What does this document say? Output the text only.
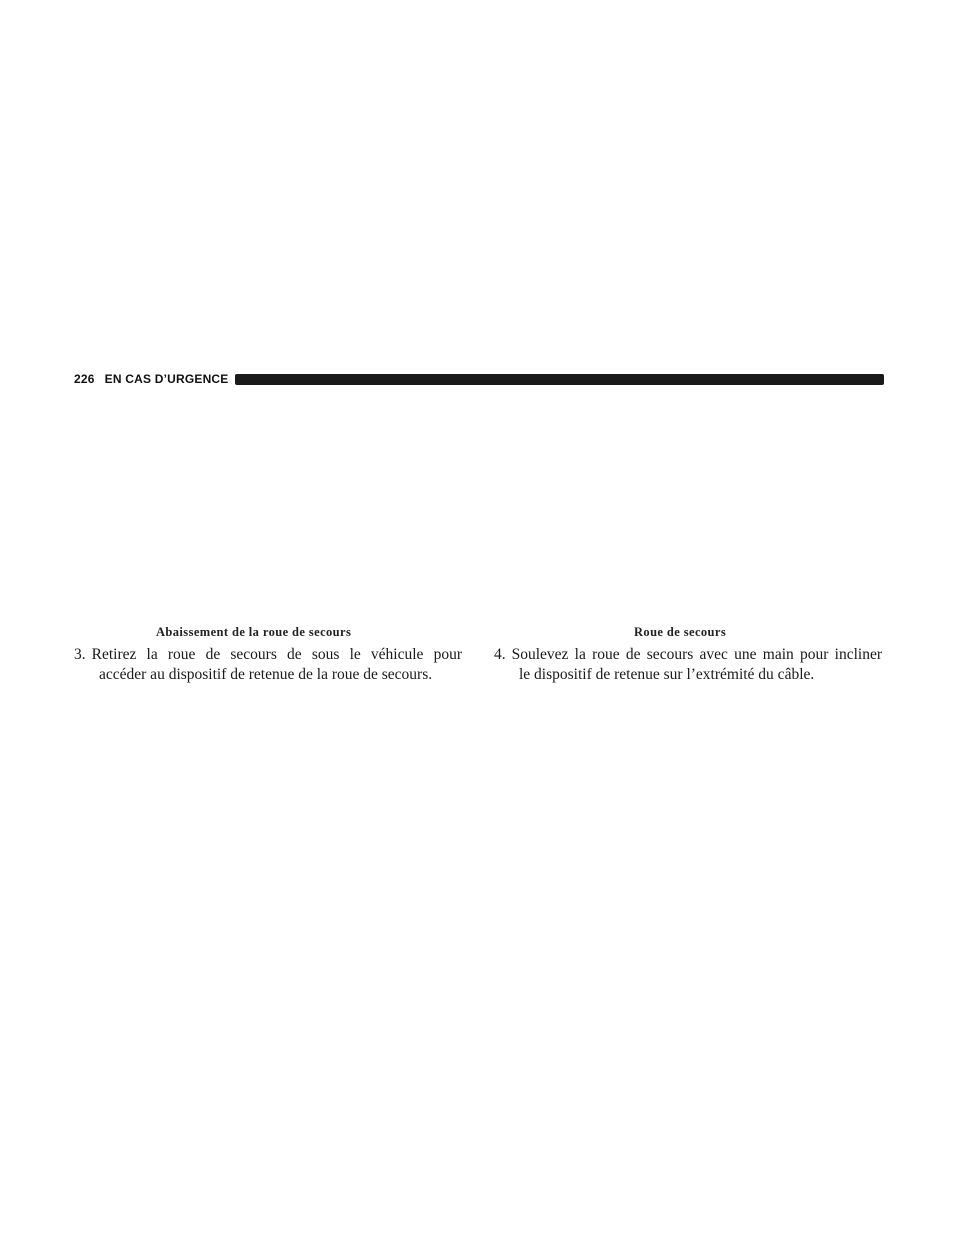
226 EN CAS D’URGENCE
Abaissement de la roue de secours	Roue de secours
3. Retirez la roue de secours de sous le véhicule pour
accéder au dispositif de retenue de la roue de secours.
4. Soulevez la roue de secours avec une main pour incliner
le dispositif de retenue sur l’extrémité du câble.
